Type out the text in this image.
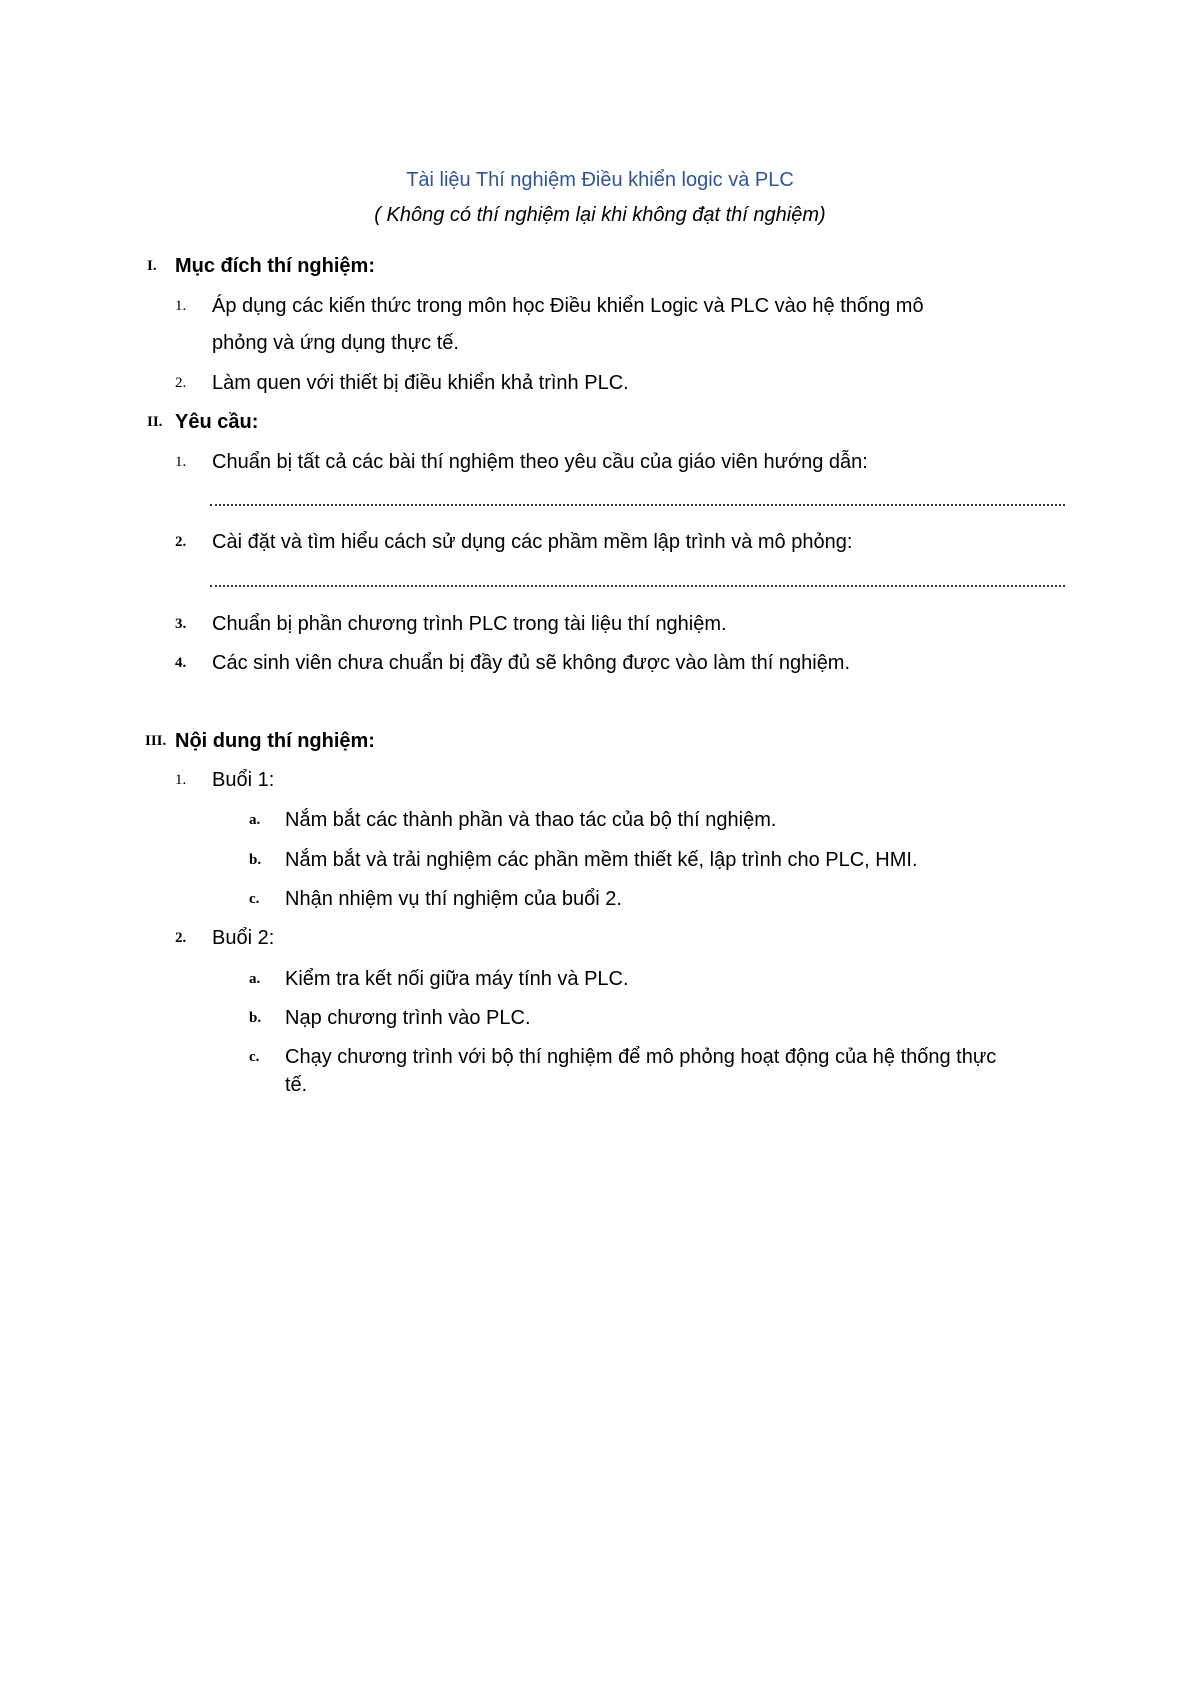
Tài liệu Thí nghiệm Điều khiển logic và PLC
( Không có thí nghiệm lại khi không đạt thí nghiệm)
I. Mục đích thí nghiệm:
1. Áp dụng các kiến thức trong môn học Điều khiển Logic và PLC vào hệ thống mô
phỏng và ứng dụng thực tế.
2. Làm quen với thiết bị điều khiển khả trình PLC.
II. Yêu cầu:
1. Chuẩn bị tất cả các bài thí nghiệm theo yêu cầu của giáo viên hướng dẫn:
2. Cài đặt và tìm hiểu cách sử dụng các phầm mềm lập trình và mô phỏng:
3. Chuẩn bị phần chương trình PLC trong tài liệu thí nghiệm.
4. Các sinh viên chưa chuẩn bị đầy đủ sẽ không được vào làm thí nghiệm.
III. Nội dung thí nghiệm:
1. Buổi 1:
a. Nắm bắt các thành phần và thao tác của bộ thí nghiệm.
b. Nắm bắt và trải nghiệm các phần mềm thiết kế, lập trình cho PLC, HMI.
c. Nhận nhiệm vụ thí nghiệm của buổi 2.
2. Buổi 2:
a. Kiểm tra kết nối giữa máy tính và PLC.
b. Nạp chương trình vào PLC.
c. Chạy chương trình với bộ thí nghiệm để mô phỏng hoạt động của hệ thống thực
tế.
